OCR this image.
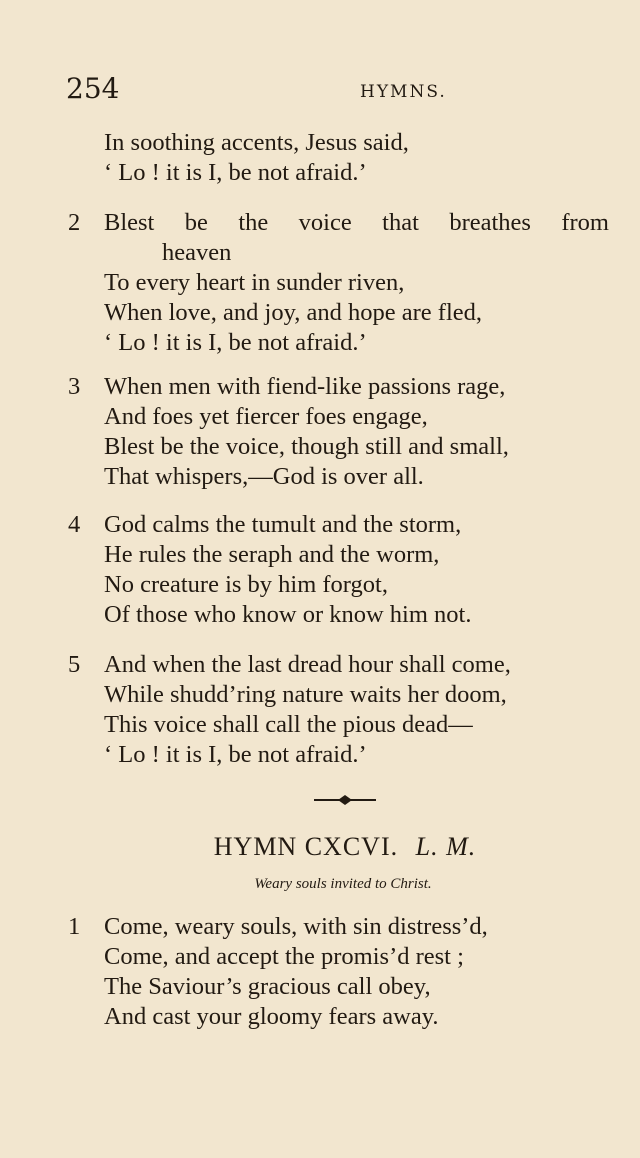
254	HYMNS.
In soothing accents, Jesus said,
‘ Lo ! it is I, be not afraid.’
2 Blest be the voice that breathes from
heaven
To every heart in sunder riven,
When love, and joy, and hope are fled,
‘ Lo ! it is I, be not afraid.’
3 When men with fiend-like passions rage,
And foes yet fiercer foes engage,
Blest be the voice, though still and small,
That whispers,—God is over all.
4 God calms the tumult and the storm,
He rules the seraph and the worm,
No creature is by him forgot,
Of those who know or know him not.
5 And when the last dread hour shall come,
While shudd’ring nature waits her doom,
This voice shall call the pious dead—
‘ Lo ! it is I, be not afraid.’
HYMN CXCVI. L. M.
Weary souls invited to Christ.
1 Come, weary souls, with sin distress’d,
Come, and accept the promis’d rest ;
The Saviour’s gracious call obey,
And cast your gloomy fears away.
